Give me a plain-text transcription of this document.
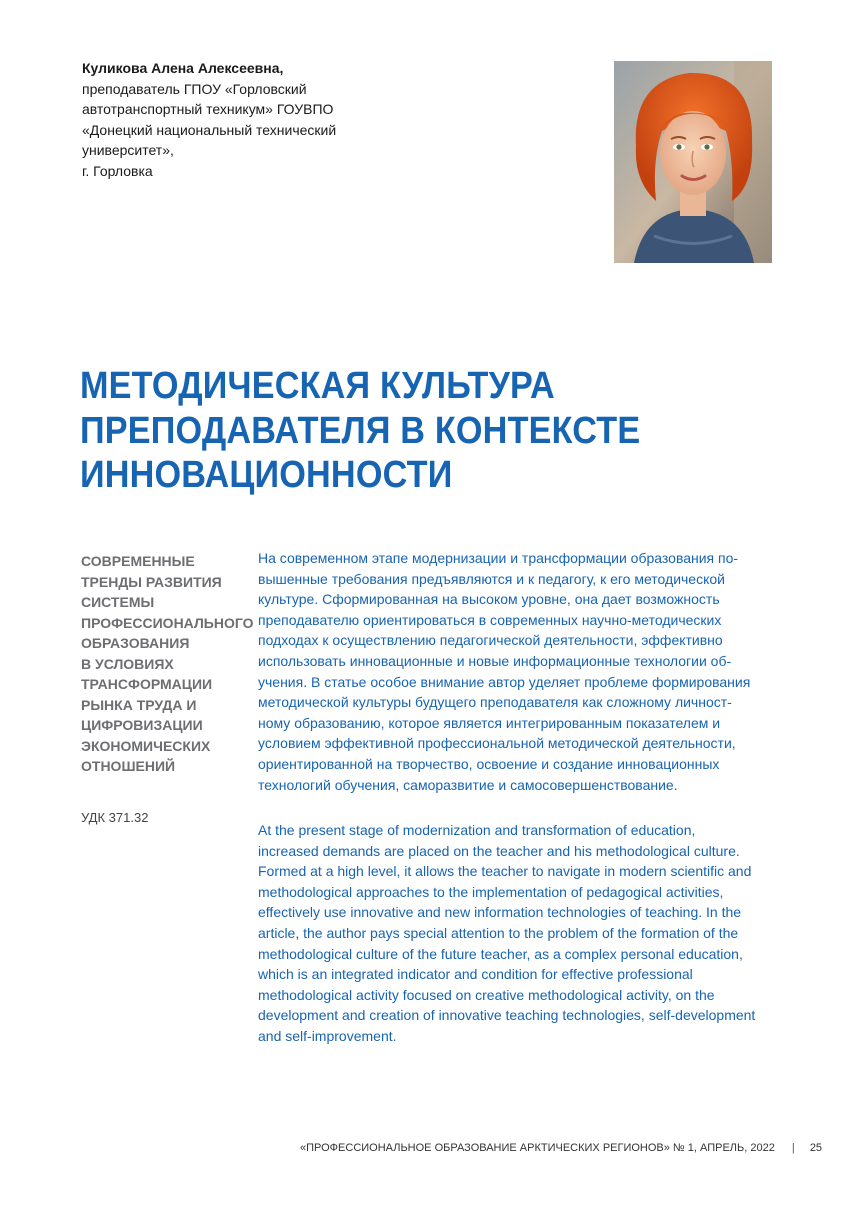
Куликова Алена Алексеевна,
преподаватель ГПОУ «Горловский
автотранспортный техникум» ГОУВПО
«Донецкий национальный технический
университет»,
г. Горловка
МЕТОДИЧЕСКАЯ КУЛЬТУРА
ПРЕПОДАВАТЕЛЯ В КОНТЕКСТЕ
ИННОВАЦИОННОСТИ
СОВРЕМЕННЫЕ
ТРЕНДЫ РАЗВИТИЯ
СИСТЕМЫ
ПРОФЕССИОНАЛЬНОГО
ОБРАЗОВАНИЯ
В УСЛОВИЯХ
ТРАНСФОРМАЦИИ
РЫНКА ТРУДА И
ЦИФРОВИЗАЦИИ
ЭКОНОМИЧЕСКИХ
ОТНОШЕНИЙ
УДК 371.32
На современном этапе модернизации и трансформации образования по-
вышенные требования предъявляются и к педагогу, к его методической
культуре. Сформированная на высоком уровне, она дает возможность
преподавателю ориентироваться в современных научно-методических
подходах к осуществлению педагогической деятельности, эффективно
использовать инновационные и новые информационные технологии об-
учения. В статье особое внимание автор уделяет проблеме формирования
методической культуры будущего преподавателя как сложному личност-
ному образованию, которое является интегрированным показателем и
условием эффективной профессиональной методической деятельности,
ориентированной на творчество, освоение и создание инновационных
технологий обучения, саморазвитие и самосовершенствование.
At the present stage of modernization and transformation of education,
increased demands are placed on the teacher and his methodological culture.
Formed at a high level, it allows the teacher to navigate in modern scientific and
methodological approaches to the implementation of pedagogical activities,
effectively use innovative and new information technologies of teaching. In the
article, the author pays special attention to the problem of the formation of the
methodological culture of the future teacher, as a complex personal education,
which is an integrated indicator and condition for effective professional
methodological activity focused on creative methodological activity, on the
development and creation of innovative teaching technologies, self-development
and self-improvement.
«ПРОФЕССИОНАЛЬНОЕ ОБРАЗОВАНИЕ АРКТИЧЕСКИХ РЕГИОНОВ» № 1, АПРЕЛЬ, 2022 | 25
